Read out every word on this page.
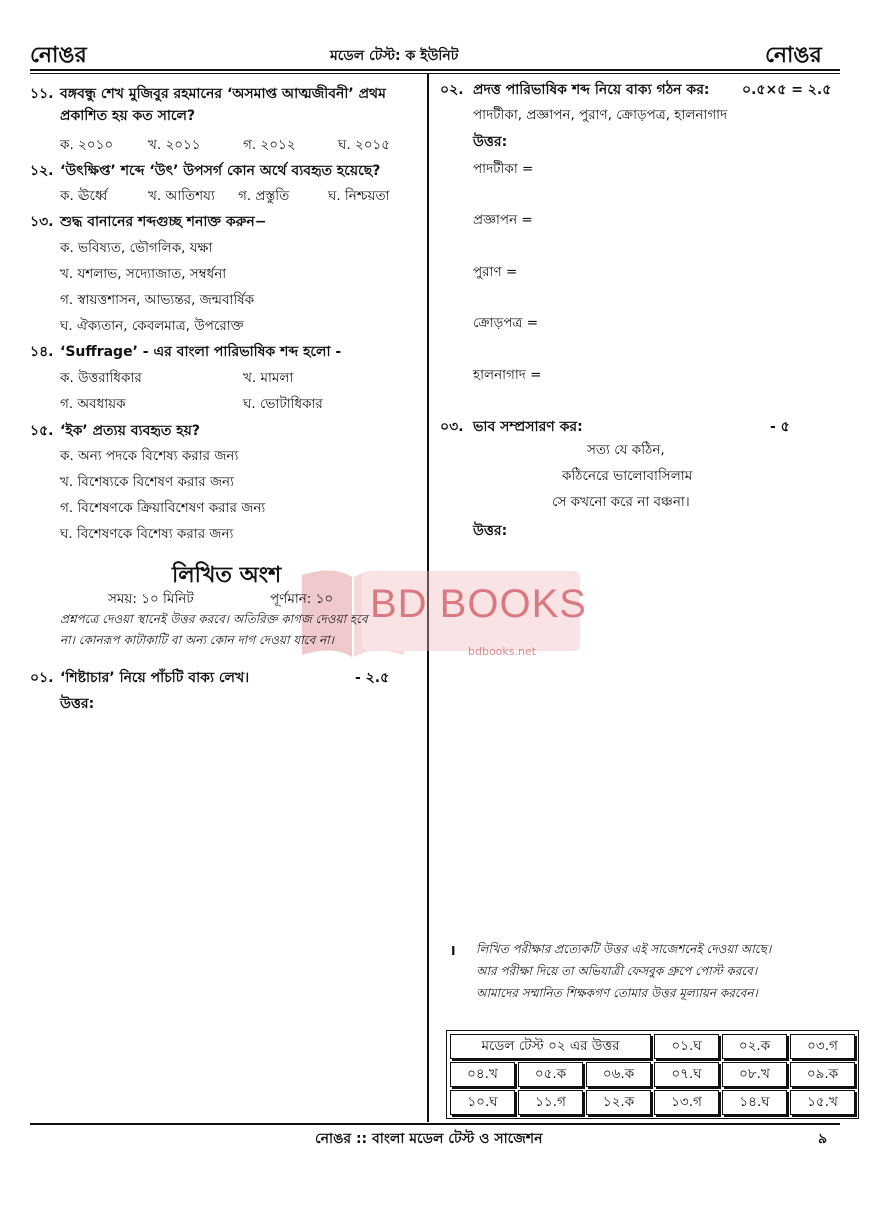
নোঙর	মডেল টেস্ট: ক ইউনিট	নোঙর
১১. বঙ্গবন্ধু শেখ মুজিবুর রহমানের ‘অসমাপ্ত আত্মজীবনী’ প্রথম
প্রকাশিত হয় কত সালে?
ক. ২০১০	খ. ২০১১	গ. ২০১২	ঘ. ২০১৫
১২. ‘উৎক্ষিপ্ত’ শব্দে ‘উৎ’ উপসর্গ কোন অর্থে ব্যবহৃত হয়েছে?
ক. ঊর্ধ্বে	খ. আতিশয্য গ. প্রস্তুতি	ঘ. নিশ্চয়তা
১৩. শুদ্ধ বানানের শব্দগুচ্ছ শনাক্ত করুন−
ক. ভবিষ্যত, ভৌগলিক, যক্ষা
খ. যশলাভ, সদ্যোজাত, সম্বর্ধনা
গ. স্বায়ত্তশাসন, আভ্যন্তর, জন্মবার্ষিক
ঘ. ঐক্যতান, কেবলমাত্র, উপরোক্ত
১৪. ‘Suffrage’ - এর বাংলা পারিভাষিক শব্দ হলো -
ক. উত্তরাধিকার	খ. মামলা
গ. অবধায়ক	ঘ. ভোটাধিকার
১৫. ‘ইক’ প্রত্যয় ব্যবহৃত হয়?
ক. অন্য পদকে বিশেষ্য করার জন্য
খ. বিশেষ্যকে বিশেষণ করার জন্য
গ. বিশেষণকে ক্রিয়াবিশেষণ করার জন্য
ঘ. বিশেষণকে বিশেষ্য করার জন্য
BD BOOKS
bdbooks.net
লিখিত অংশ
সময়: ১০ মিনিট	পূর্ণমান: ১০
প্রশ্নপত্রে দেওয়া স্থানেই উত্তর করবে। অতিরিক্ত কাগজ দেওয়া হবে
না। কোনরূপ কাটাকাটি বা অন্য কোন দাগ দেওয়া যাবে না।
০১. ‘শিষ্টাচার’ নিয়ে পাঁচটি বাক্য লেখ।	- ২.৫
উত্তর:
০২. প্রদত্ত পারিভাষিক শব্দ নিয়ে বাক্য গঠন কর: ০.৫×৫ = ২.৫
পাদটীকা, প্রজ্ঞাপন, পুরাণ, ক্রোড়পত্র, হালনাগাদ
উত্তর:
পাদটীকা =
প্রজ্ঞাপন =
পুরাণ =
ক্রোড়পত্র =
হালনাগাদ =
০৩. ভাব সম্প্রসারণ কর:	- ৫
সত্য যে কঠিন,
কঠিনেরে ভালোবাসিলাম
সে কখনো করে না বঞ্চনা।
উত্তর:
I লিখিত পরীক্ষার প্রত্যেকটি উত্তর এই সাজেশনেই দেওয়া আছে।
আর পরীক্ষা দিয়ে তা অভিযাত্রী ফেসবুক গ্রুপে পোস্ট করবে।
আমাদের সম্মানিত শিক্ষকগণ তোমার উত্তর মূল্যায়ন করবেন।
মডেল টেস্ট ০২ এর উত্তর			০১.ঘ	০২.ক	০৩.গ
০৪.খ	০৫.ক	০৬.ক	০৭.ঘ	০৮.খ	০৯.ক
১০.ঘ	১১.গ	১২.ক	১৩.গ	১৪.ঘ	১৫.খ
নোঙর :: বাংলা মডেল টেস্ট ও সাজেশন	৯
